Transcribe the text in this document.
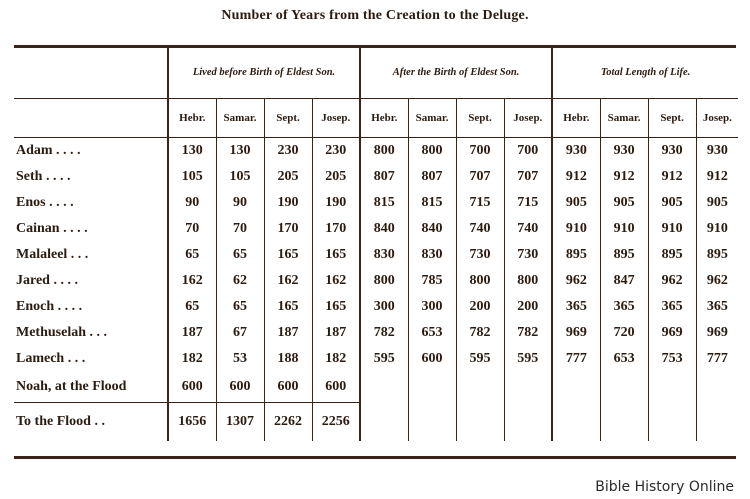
Number of Years from the Creation to the Deluge.

	Lived before Birth of Eldest Son.				After the Birth of Eldest Son.				Total Length of Life.			

	Hebr.	Samar.	Sept.	Josep.	Hebr.	Samar.	Sept.	Josep.	Hebr.	Samar.	Sept.	Josep.
Adam . . . .	130	130	230	230	800	800	700	700	930	930	930	930
Seth . . . .	105	105	205	205	807	807	707	707	912	912	912	912
Enos . . . .	90	90	190	190	815	815	715	715	905	905	905	905
Cainan . . . .	70	70	170	170	840	840	740	740	910	910	910	910
Malaleel . . .	65	65	165	165	830	830	730	730	895	895	895	895
Jared . . . .	162	62	162	162	800	785	800	800	962	847	962	962
Enoch . . . .	65	65	165	165	300	300	200	200	365	365	365	365
Methuselah . . .	187	67	187	187	782	653	782	782	969	720	969	969
Lamech . . .	182	53	188	182	595	600	595	595	777	653	753	777
Noah, at the Flood	600	600	600	600								
To the Flood . .	1656	1307	2262	2256								
Bible History Online
